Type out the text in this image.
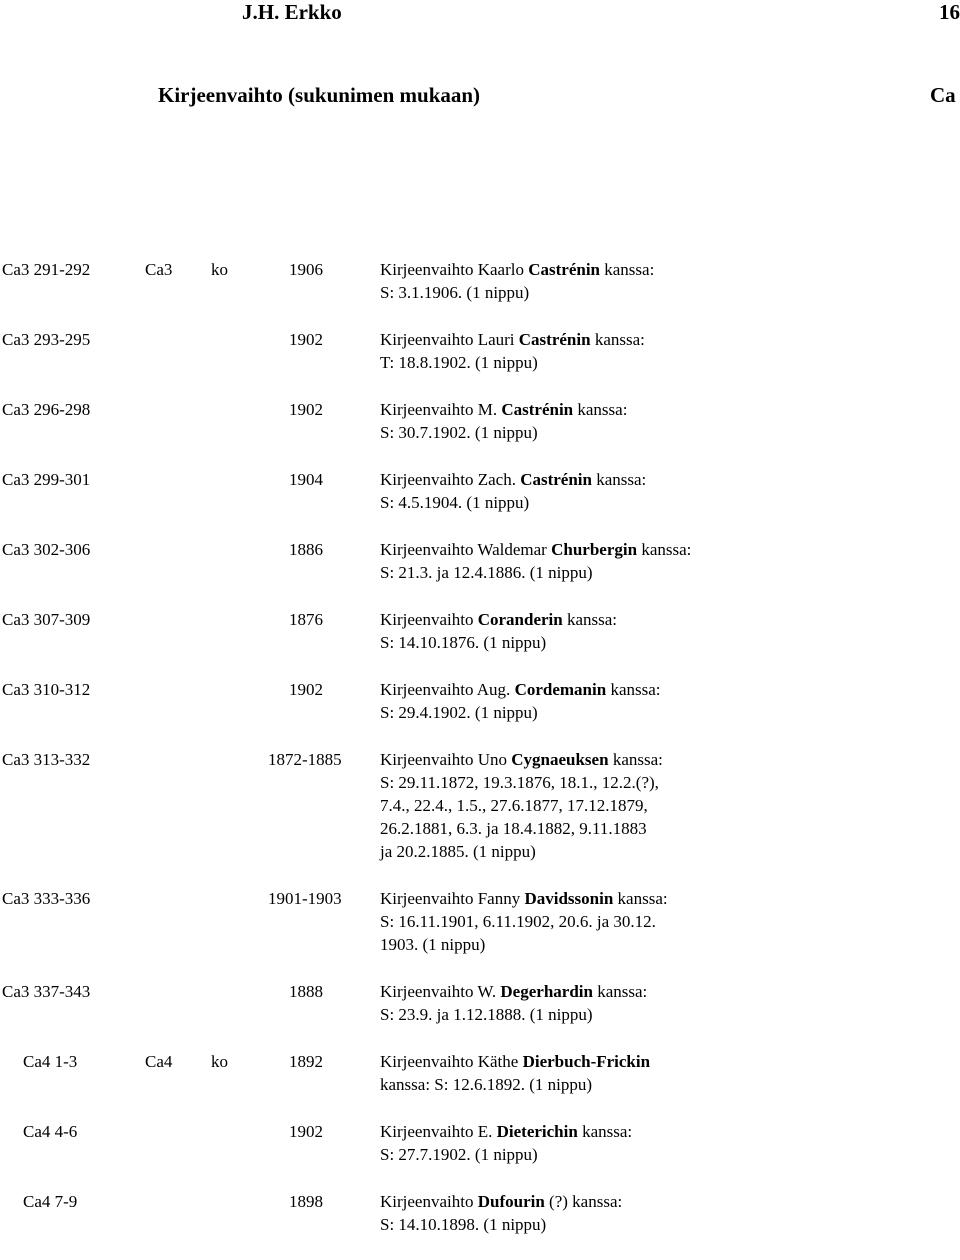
J.H. Erkko	16
Kirjeenvaihto (sukunimen mukaan)	Ca
Ca3 291-292	Ca3 ko	1906	Kirjeenvaihto Kaarlo Castrénin kanssa:
S: 3.1.1906. (1 nippu)
Ca3 293-295	1902	Kirjeenvaihto Lauri Castrénin kanssa:
T: 18.8.1902. (1 nippu)
Ca3 296-298	1902	Kirjeenvaihto M. Castrénin kanssa:
S: 30.7.1902. (1 nippu)
Ca3 299-301	1904	Kirjeenvaihto Zach. Castrénin kanssa:
S: 4.5.1904. (1 nippu)
Ca3 302-306	1886	Kirjeenvaihto Waldemar Churbergin kanssa:
S: 21.3. ja 12.4.1886. (1 nippu)
Ca3 307-309	1876	Kirjeenvaihto Coranderin kanssa:
S: 14.10.1876. (1 nippu)
Ca3 310-312	1902	Kirjeenvaihto Aug. Cordemanin kanssa:
S: 29.4.1902. (1 nippu)
Ca3 313-332	1872-1885 Kirjeenvaihto Uno Cygnaeuksen kanssa:
S: 29.11.1872, 19.3.1876, 18.1., 12.2.(?),
7.4., 22.4., 1.5., 27.6.1877, 17.12.1879,
26.2.1881, 6.3. ja 18.4.1882, 9.11.1883
ja 20.2.1885. (1 nippu)
Ca3 333-336	1901-1903 Kirjeenvaihto Fanny Davidssonin kanssa:
S: 16.11.1901, 6.11.1902, 20.6. ja 30.12.
1903. (1 nippu)
Ca3 337-343	1888	Kirjeenvaihto W. Degerhardin kanssa:
S: 23.9. ja 1.12.1888. (1 nippu)
Ca4 1-3	Ca4 ko	1892	Kirjeenvaihto Käthe Dierbuch-Frickin
kanssa: S: 12.6.1892. (1 nippu)
Ca4 4-6	1902	Kirjeenvaihto E. Dieterichin kanssa:
S: 27.7.1902. (1 nippu)
Ca4 7-9	1898	Kirjeenvaihto Dufourin (?) kanssa:
S: 14.10.1898. (1 nippu)
